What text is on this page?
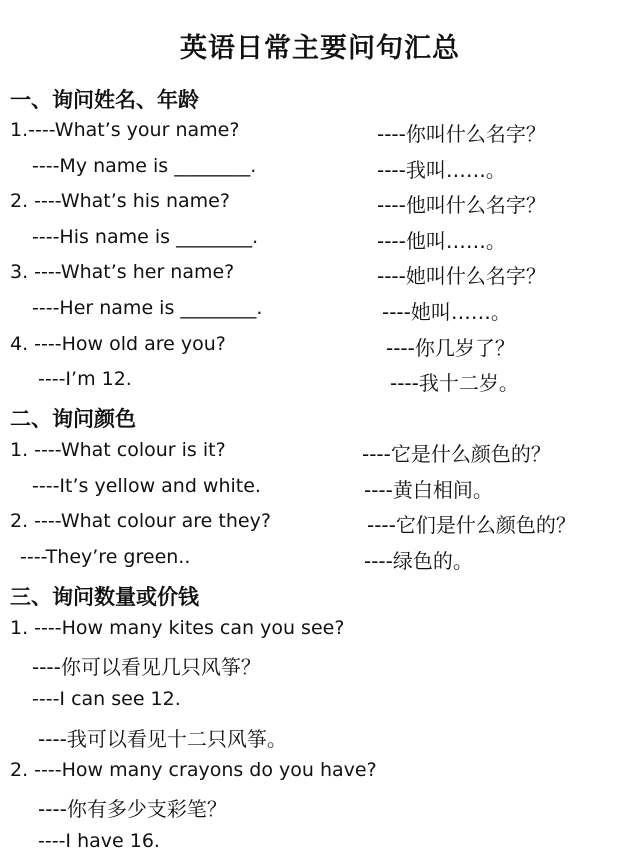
英语日常主要问句汇总
一、询问姓名、年龄
1.----What’s your name?	----你叫什么名字？
----My name is ________.	----我叫……。
2. ----What’s his name?	----他叫什么名字？
----His name is ________.	----他叫……。
3. ----What’s her name?	----她叫什么名字？
----Her name is ________.	----她叫……。
4. ----How old are you?	----你几岁了？
----I’m 12.	----我十二岁。
二、询问颜色
1. ----What colour is it?	----它是什么颜色的？
----It’s yellow and white.	----黄白相间。
2. ----What colour are they?	----它们是什么颜色的？
----They’re green..	----绿色的。
三、询问数量或价钱
1. ----How many kites can you see?
----你可以看见几只风筝？
----I can see 12.
----我可以看见十二只风筝。
2. ----How many crayons do you have?
----你有多少支彩笔？
----I have 16.
